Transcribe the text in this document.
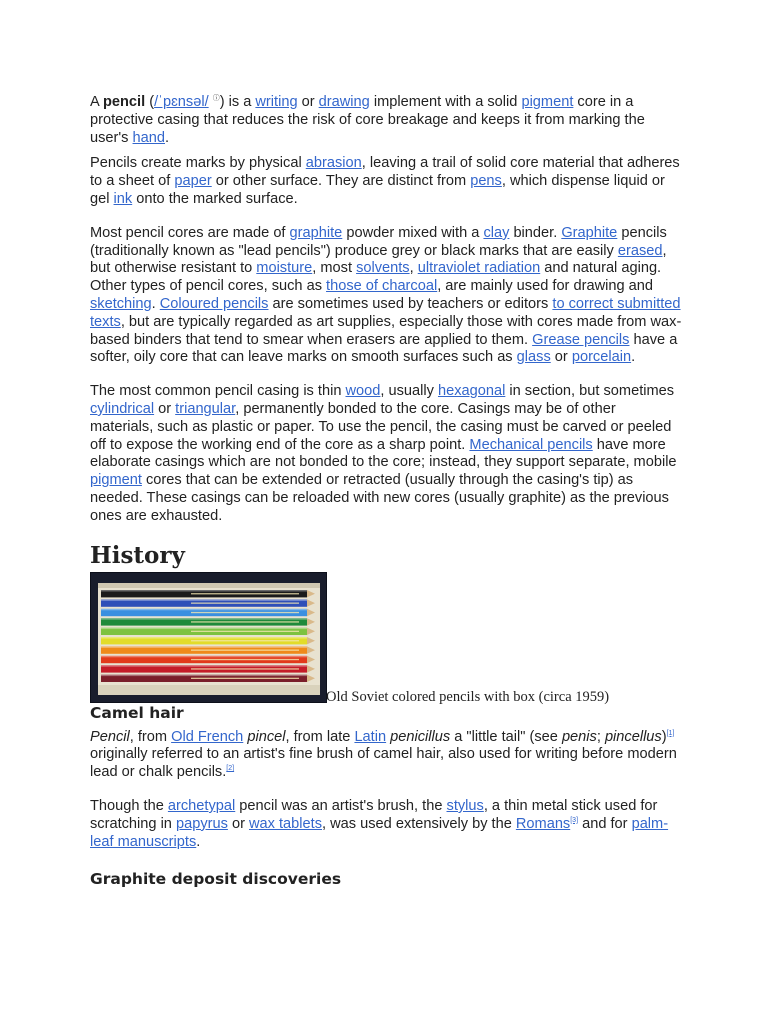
A pencil (/ˈpɛnsəl/ ⓘ) is a writing or drawing implement with a solid pigment core in a protective casing that reduces the risk of core breakage and keeps it from marking the user's hand.

Pencils create marks by physical abrasion, leaving a trail of solid core material that adheres to a sheet of paper or other surface. They are distinct from pens, which dispense liquid or gel ink onto the marked surface.

Most pencil cores are made of graphite powder mixed with a clay binder. Graphite pencils (traditionally known as "lead pencils") produce grey or black marks that are easily erased, but otherwise resistant to moisture, most solvents, ultraviolet radiation and natural aging. Other types of pencil cores, such as those of charcoal, are mainly used for drawing and sketching. Coloured pencils are sometimes used by teachers or editors to correct submitted texts, but are typically regarded as art supplies, especially those with cores made from wax-based binders that tend to smear when erasers are applied to them. Grease pencils have a softer, oily core that can leave marks on smooth surfaces such as glass or porcelain.

The most common pencil casing is thin wood, usually hexagonal in section, but sometimes cylindrical or triangular, permanently bonded to the core. Casings may be of other materials, such as plastic or paper. To use the pencil, the casing must be carved or peeled off to expose the working end of the core as a sharp point. Mechanical pencils have more elaborate casings which are not bonded to the core; instead, they support separate, mobile pigment cores that can be extended or retracted (usually through the casing's tip) as needed. These casings can be reloaded with new cores (usually graphite) as the previous ones are exhausted.

History
Old Soviet colored pencils with box (circa 1959)
Camel hair

Pencil, from Old French pincel, from late Latin penicillus a "little tail" (see penis; pincellus)[1] originally referred to an artist's fine brush of camel hair, also used for writing before modern lead or chalk pencils.[2]

Though the archetypal pencil was an artist's brush, the stylus, a thin metal stick used for scratching in papyrus or wax tablets, was used extensively by the Romans[3] and for palm-leaf manuscripts.

Graphite deposit discoveries
